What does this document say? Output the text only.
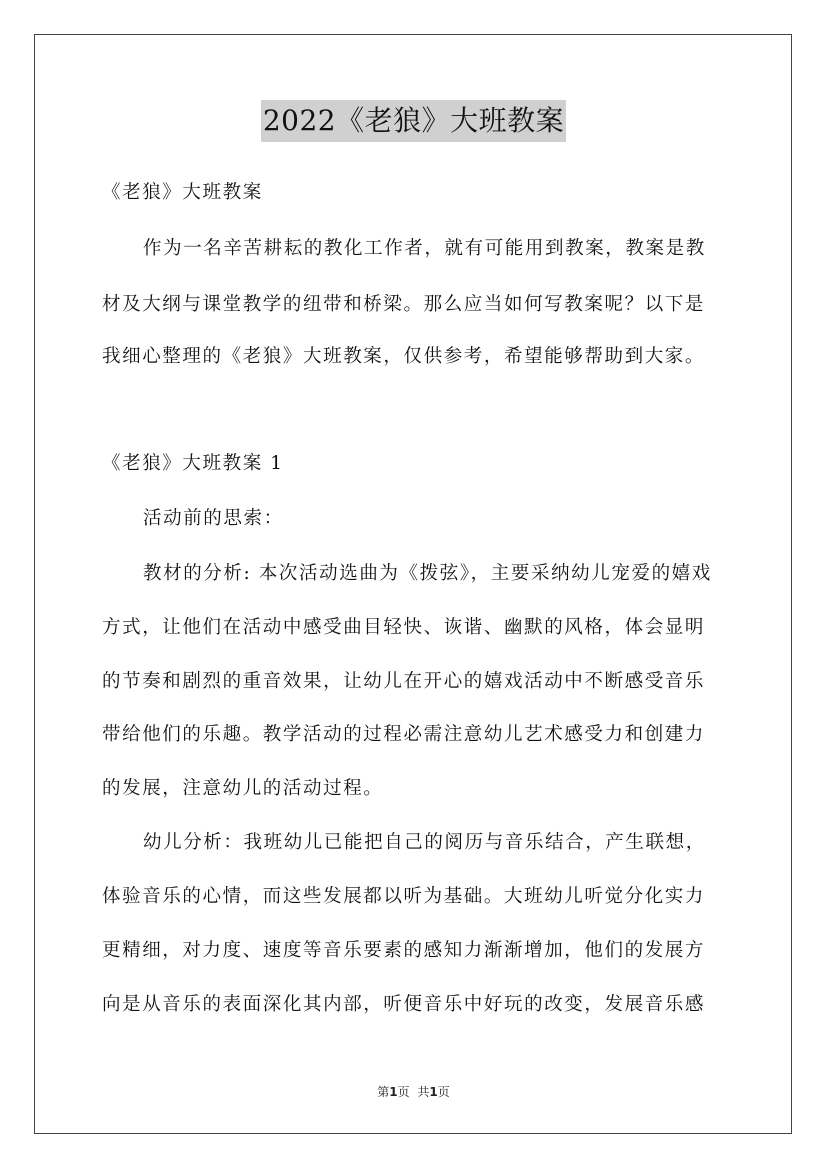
2022《老狼》大班教案
《老狼》大班教案
作为一名辛苦耕耘的教化工作者，就有可能用到教案，教案是教
材及大纲与课堂教学的纽带和桥梁。那么应当如何写教案呢？以下是
我细心整理的《老狼》大班教案，仅供参考，希望能够帮助到大家。
《老狼》大班教案 1
活动前的思索：
教材的分析: 本次活动选曲为《拨弦》，主要采纳幼儿宠爱的嬉戏
方式，让他们在活动中感受曲目轻快、诙谐、幽默的风格，体会显明
的节奏和剧烈的重音效果，让幼儿在开心的嬉戏活动中不断感受音乐
带给他们的乐趣。教学活动的过程必需注意幼儿艺术感受力和创建力
的发展，注意幼儿的活动过程。
幼儿分析：我班幼儿已能把自己的阅历与音乐结合，产生联想，
体验音乐的心情，而这些发展都以听为基础。大班幼儿听觉分化实力
更精细，对力度、速度等音乐要素的感知力渐渐增加，他们的发展方
向是从音乐的表面深化其内部，听便音乐中好玩的改变，发展音乐感
第1页 共1页
